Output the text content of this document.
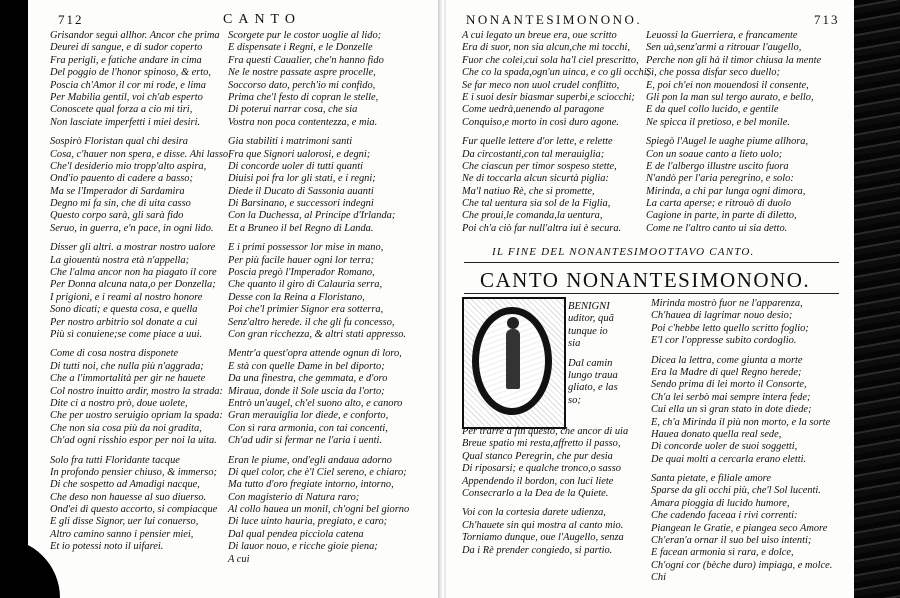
712	CANTO
Grisandor seguì allhor. Ancor che prima
Deurei di sangue, e di sudor coperto
Fra perigli, e fatiche andare in cima
Del poggio de l'honor spinoso, & erto,
Poscia ch'Amor il cor mi rode, e lima
Per Mabilia gentil, voi ch'ab esperto
Conoscete qual forza a cio mi tiri,
Non lasciate imperfetti i miei desiri.
Sospirò Floristan qual chi desira
Cosa, c'hauer non spera, e disse. Ahi lasso,
Che'l desiderio mio tropp'alto aspira,
Ond'io pauento di cadere a basso;
Ma se l'Imperador di Sardamira
Degno mi fa sin, che di uita casso
Questo corpo sarà, gli sarà fido
Seruo, in guerra, e'n pace, in ogni lido.
Disser gli altri. a mostrar nostro ualore
La giouentù nostra età n'appella;
Che l'alma ancor non ha piagato il core
Per Donna alcuna nata,o per Donzella;
I prigioni, e i reami al nostro honore
Sono dicati; e questa cosa, e quella
Per nostro arbitrio sol donate a cui
Più sì conuiene;se come piace a uui.
Come di cosa nostra disponete
Di tutti noi, che nulla più n'aggrada;
Che a l'immortalità per gir ne hauete
Col nostro inuitto ardir, mostro la strada:
Dite ci a nostro prò, doue uolete,
Che per uostro seruigio opriam la spada:
Che non sia cosa più da noi gradita,
Ch'ad ogni risshio espor per noi la uita.
Solo fra tutti Floridante tacque
In profondo pensier chiuso, & immerso;
Di che sospetto ad Amadigi nacque,
Che deso non hauesse al suo diuerso.
Ond'ei di questo accorto, si compiacque
E gli disse Signor, uer lui conuerso,
Altro camino sanno i pensier miei,
Et io potessi noto il uifarei.
Scorgete pur le costor uoglie al lido;
E dispensate i Regni, e le Donzelle
Fra questi Caualier, che'n hanno fido
Ne le nostre passate aspre procelle,
Soccorso dato, perch'io mi confido,
Prima che'l festo di copran le stelle,
Di poterui narrar cosa, che sia
Vostra non poca contentezza, e mia.
Gia stabiliti i matrimoni santi
Fra que Signori ualorosi, e degni;
Di concorde uoler di tutti quanti
Diuisi poi fra lor gli stati, e i regni;
Diede il Ducato di Sassonia auanti
Di Barsinano, e successori indegni
Con la Duchessa, al Principe d'Irlanda;
Et a Bruneo il bel Regno di Landa.
E i primi possessor lor mise in mano,
Per più facile hauer ogni lor terra;
Poscia pregò l'Imperador Romano,
Che quanto il giro di Calauria serra,
Desse con la Reina a Floristano,
Poi che'l primier Signor era sotterra,
Senz'altro herede. il che gli fu concesso,
Con gran ricchezza, & altri stati appresso.
Mentr'a quest'opra attende ognun di loro,
E stà con quelle Dame in bel diporto;
Da una finestra, che gemmata, e d'oro
Miraua, donde il Sole uscia da l'orto;
Entrò un'augel, ch'el suono alto, e canoro
Gran merauiglia lor diede, e conforto,
Con sì rara armonia, con tai concenti,
Ch'ad udir si fermar ne l'aria i uenti.
Eran le piume, ond'egli andaua adorno
Di quel color, che è'l Ciel sereno, e chiaro;
Ma tutto d'oro fregiate intorno, intorno,
Con magisterio di Natura raro;
Al collo hauea un monil, ch'ogni bel giorno
Di luce uinto hauria, pregiato, e caro;
Dal qual pendea picciola catena
Di lauor nouo, e ricche gioie piena;
A cui
NONANTESIMONONO.	713
A cui legato un breue era, oue scritto
Era di suor, non sia alcun,che mi tocchi,
Fuor che colei,cui sola ha'l ciel prescritto,
Che co la spada,ogn'un uinca, e co gli occhi;
Se far meco non uuol crudel conflitto,
E i suoi desir biasmar superbi,e sciocchi;
Come uedrà,uenendo al paragone
Conquiso,e morto in così duro agone.
Fur quelle lettere d'or lette, e relette
Da circostanti,con tal merauiglia;
Che ciascun per timor sospeso stette,
Ne di toccarla alcun sicurtà piglia:
Ma'l natiuo Rè, che si promette,
Che tal uentura sia sol de la Figlia,
Che proui,le comanda,la uentura,
Poi ch'a ciò far null'altra iui è secura.
Leuossi la Guerriera, e francamente
Sen uà,senz'armi a ritrouar l'augello,
Perche non gli hà il timor chiusa la mente
Sì, che possa disfar seco duello;
E, poi ch'ei non mouendosi il consente,
Gli pon la man sul tergo aurato, e bello,
E da quel collo lucido, e gentile
Ne spicca il pretioso, e bel monile.
Spiegò l'Augel le uaghe piume allhora,
Con un soaue canto a lieto uolo;
E de l'albergo illustre uscito fuora
N'andò per l'aria peregrino, e solo:
Mirinda, a chi par lunga ogni dimora,
La carta aperse; e ritrouò di duolo
Cagione in parte, in parte di diletto,
Come ne l'altro canto ui sia detto.
IL FINE DEL NONANTESIMOOTTAVO CANTO.
CANTO NONANTESIMONONO.
BENIGNI
uditor, quã
tunque io
sia
Dal camin
lungo traua
gliato, e las
so;
Per trarre a fin questo, che ancor di uia
Breue spatio mi resta,affretto il passo,
Qual stanco Peregrin, che pur desia
Di riposarsi; e qualche tronco,o sasso
Appendendo il bordon, con luci liete
Consecrarlo a la Dea de la Quiete.
Voi con la cortesia darete udienza,
Ch'hauete sin qui mostra al canto mio.
Torniamo dunque, oue l'Augello, senza
Da i Rè prender congiedo, si partio.
Mirinda mostrò fuor ne l'apparenza,
Ch'hauea di lagrimar nouo desio;
Poi c'hebbe letto quello scritto foglio;
E'l cor l'oppresse subito cordoglio.
Dicea la lettra, come giunta a morte
Era la Madre di quel Regno herede;
Sendo prima di lei morto il Consorte,
Ch'a lei serbò mai sempre intera fede;
Cui ella un sì gran stato in dote diede;
E, ch'a Mirinda il più non morto, e la sorte
Hauea donato quella real sede,
Di concorde uoler de suoi soggetti,
De quai molti a cercarla erano eletti.
Santa pietate, e filiale amore
Sparse da gli occhi più, che'l Sol lucenti.
Amara pioggia di lucido humore,
Che cadendo faceaa i rivi correnti:
Piangean le Gratie, e piangea seco Amore
Ch'eran'a ornar il suo bel uiso intenti;
E facean armonia sì rara, e dolce,
Ch'ogni cor (bèche duro) impiaga, e molce.
Chi
